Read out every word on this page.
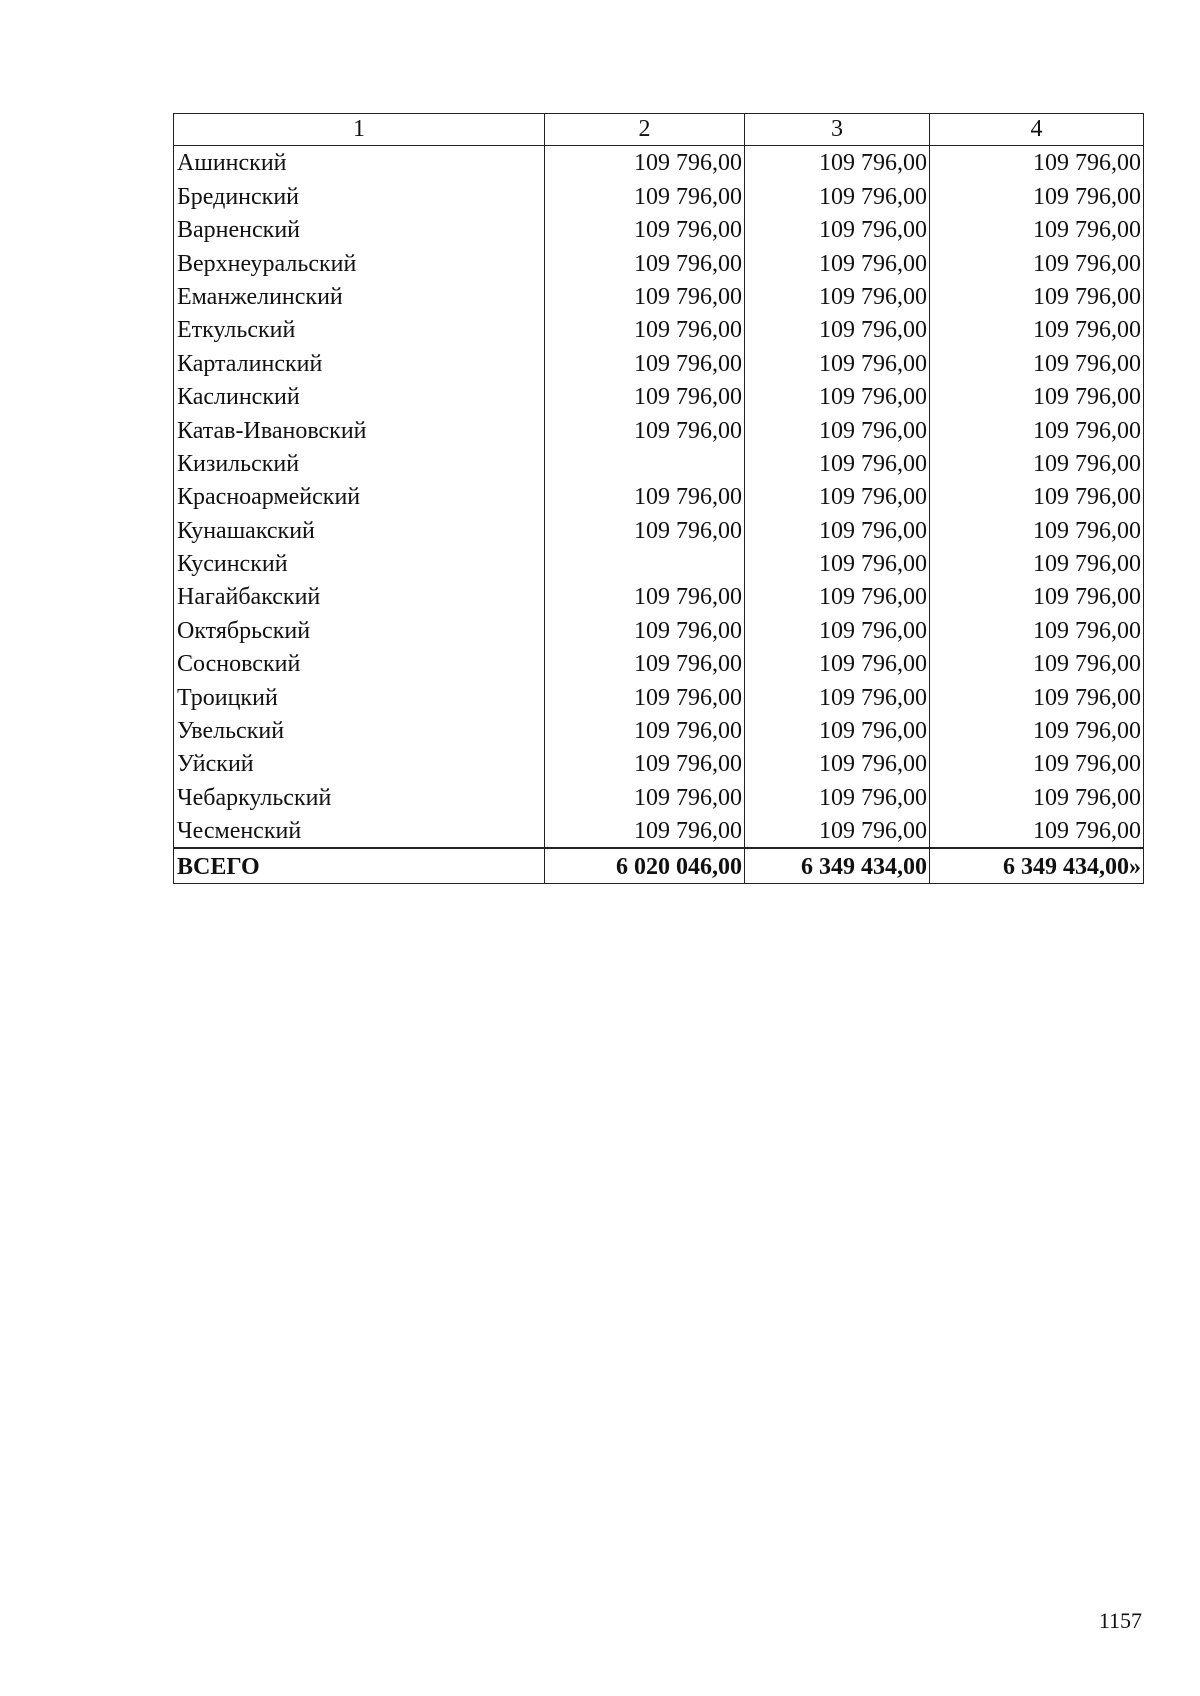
1	2	3	4
Ашинский	109 796,00	109 796,00	109 796,00
Брединский	109 796,00	109 796,00	109 796,00
Варненский	109 796,00	109 796,00	109 796,00
Верхнеуральский	109 796,00	109 796,00	109 796,00
Еманжелинский	109 796,00	109 796,00	109 796,00
Еткульский	109 796,00	109 796,00	109 796,00
Карталинский	109 796,00	109 796,00	109 796,00
Каслинский	109 796,00	109 796,00	109 796,00
Катав-Ивановский	109 796,00	109 796,00	109 796,00
Кизильский		109 796,00	109 796,00
Красноармейский	109 796,00	109 796,00	109 796,00
Кунашакский	109 796,00	109 796,00	109 796,00
Кусинский		109 796,00	109 796,00
Нагайбакский	109 796,00	109 796,00	109 796,00
Октябрьский	109 796,00	109 796,00	109 796,00
Сосновский	109 796,00	109 796,00	109 796,00
Троицкий	109 796,00	109 796,00	109 796,00
Увельский	109 796,00	109 796,00	109 796,00
Уйский	109 796,00	109 796,00	109 796,00
Чебаркульский	109 796,00	109 796,00	109 796,00
Чесменский	109 796,00	109 796,00	109 796,00
ВСЕГО	6 020 046,00	6 349 434,00	6 349 434,00»
1157
